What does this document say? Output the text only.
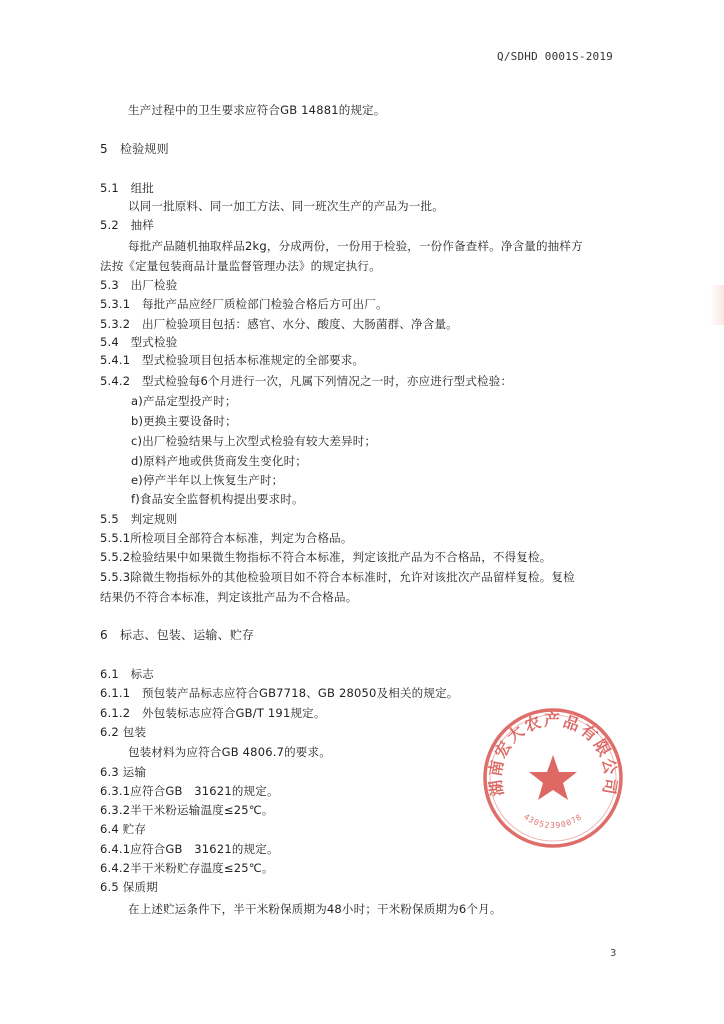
Q/SDHD 0001S-2019
生产过程中的卫生要求应符合GB 14881的规定。
5　检验规则
5.1　组批
以同一批原料、同一加工方法、同一班次生产的产品为一批。
5.2　抽样
每批产品随机抽取样品2kg，分成两份，一份用于检验，一份作备查样。净含量的抽样方
法按《定量包装商品计量监督管理办法》的规定执行。
5.3　出厂检验
5.3.1　每批产品应经厂质检部门检验合格后方可出厂。
5.3.2　出厂检验项目包括：感官、水分、酸度、大肠菌群、净含量。
5.4　型式检验
5.4.1　型式检验项目包括本标准规定的全部要求。
5.4.2　型式检验每6个月进行一次，凡属下列情况之一时，亦应进行型式检验：
a)产品定型投产时；
b)更换主要设备时；
c)出厂检验结果与上次型式检验有较大差异时；
d)原料产地或供货商发生变化时；
e)停产半年以上恢复生产时；
f)食品安全监督机构提出要求时。
5.5　判定规则
5.5.1所检项目全部符合本标准，判定为合格品。
5.5.2检验结果中如果微生物指标不符合本标准，判定该批产品为不合格品，不得复检。
5.5.3除微生物指标外的其他检验项目如不符合本标准时，允许对该批次产品留样复检。复检
结果仍不符合本标准，判定该批产品为不合格品。
6　标志、包装、运输、贮存
6.1　标志
6.1.1　预包装产品标志应符合GB7718、GB 28050及相关的规定。
6.1.2　外包装标志应符合GB/T 191规定。
6.2 包装
包装材料为应符合GB 4806.7的要求。
6.3 运输
6.3.1应符合GB　31621的规定。
6.3.2半干米粉运输温度≤25℃。
6.4 贮存
6.4.1应符合GB　31621的规定。
6.4.2半干米粉贮存温度≤25℃。
6.5 保质期
在上述贮运条件下，半干米粉保质期为48小时；干米粉保质期为6个月。
3
湖南宏大农产品有限公司
43052390078
